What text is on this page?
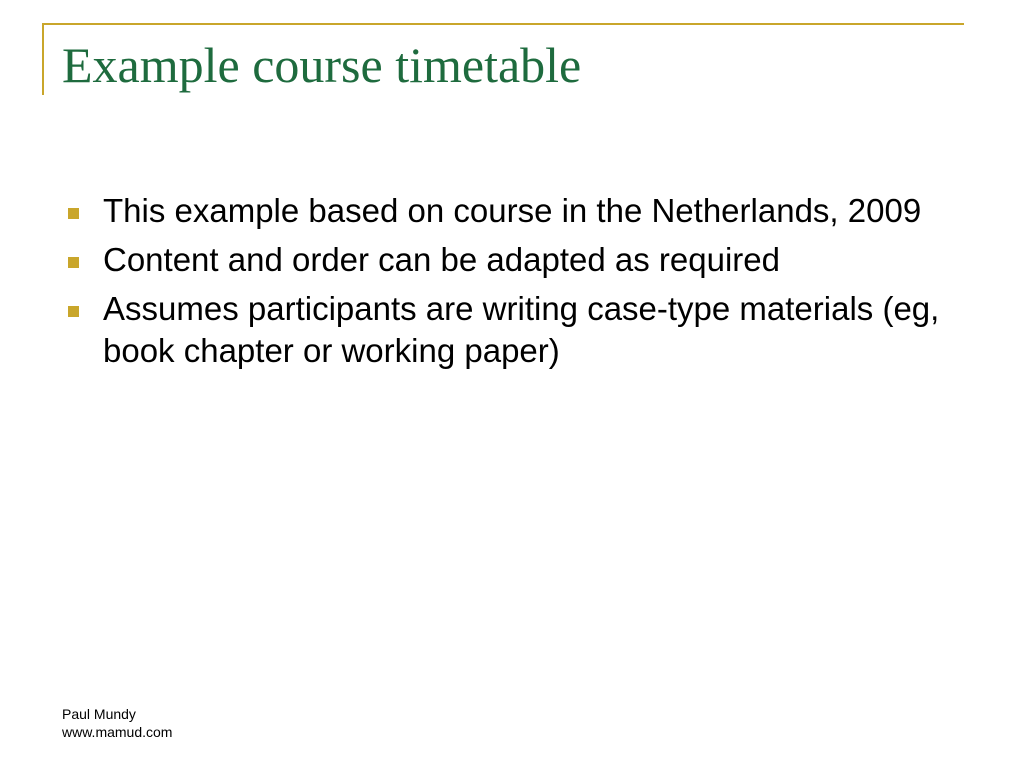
Example course timetable
This example based on course in the Netherlands, 2009
Content and order can be adapted as required
Assumes participants are writing case-type materials (eg, book chapter or working paper)
Paul Mundy
www.mamud.com
